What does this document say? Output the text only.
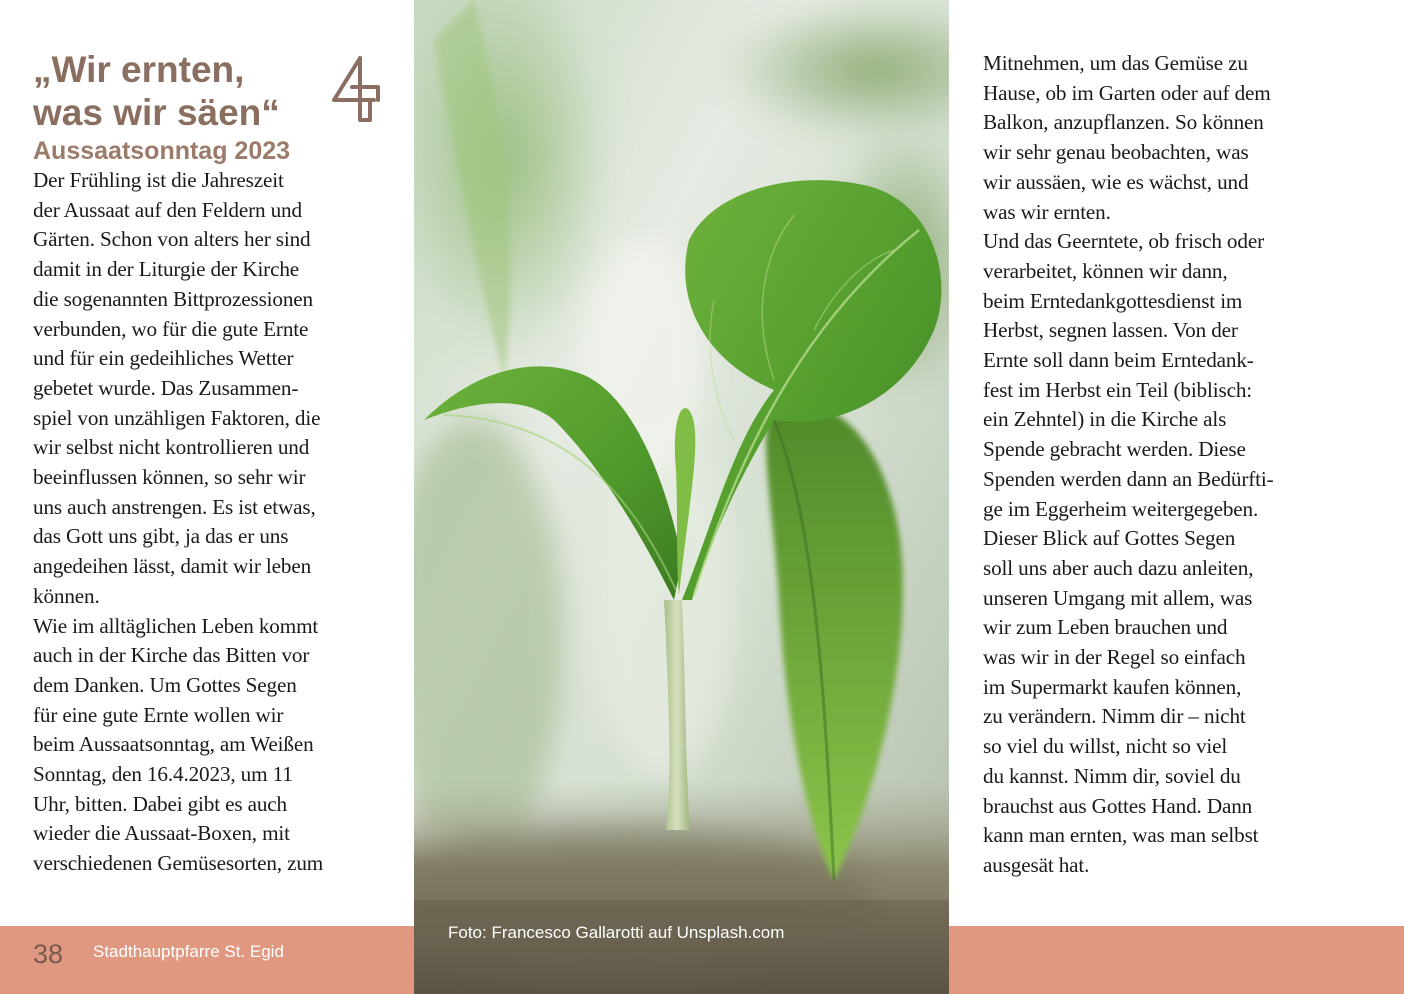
„Wir ernten,
was wir säen“
Aussaatsonntag 2023

Der Frühling ist die Jahreszeit
der Aussaat auf den Feldern und
Gärten. Schon von alters her sind
damit in der Liturgie der Kirche
die sogenannten Bittprozessionen
verbunden, wo für die gute Ernte
und für ein gedeihliches Wetter
gebetet wurde. Das Zusammen-
spiel von unzähligen Faktoren, die
wir selbst nicht kontrollieren und
beeinflussen können, so sehr wir
uns auch anstrengen. Es ist etwas,
das Gott uns gibt, ja das er uns
angedeihen lässt, damit wir leben
können.
Wie im alltäglichen Leben kommt
auch in der Kirche das Bitten vor
dem Danken. Um Gottes Segen
für eine gute Ernte wollen wir
beim Aussaatsonntag, am Weißen
Sonntag, den 16.4.2023, um 11
Uhr, bitten. Dabei gibt es auch
wieder die Aussaat-Boxen, mit
verschiedenen Gemüsesorten, zum

Foto: Francesco Gallarotti auf Unsplash.com

Mitnehmen, um das Gemüse zu
Hause, ob im Garten oder auf dem
Balkon, anzupflanzen. So können
wir sehr genau beobachten, was
wir aussäen, wie es wächst, und
was wir ernten.
Und das Geerntete, ob frisch oder
verarbeitet, können wir dann,
beim Erntedankgottesdienst im
Herbst, segnen lassen. Von der
Ernte soll dann beim Erntedank-
fest im Herbst ein Teil (biblisch:
ein Zehntel) in die Kirche als
Spende gebracht werden. Diese
Spenden werden dann an Bedürfti-
ge im Eggerheim weitergegeben.
Dieser Blick auf Gottes Segen
soll uns aber auch dazu anleiten,
unseren Umgang mit allem, was
wir zum Leben brauchen und
was wir in der Regel so einfach
im Supermarkt kaufen können,
zu verändern. Nimm dir – nicht
so viel du willst, nicht so viel
du kannst. Nimm dir, soviel du
brauchst aus Gottes Hand. Dann
kann man ernten, was man selbst
ausgesät hat.

38 Stadthauptpfarre St. Egid
